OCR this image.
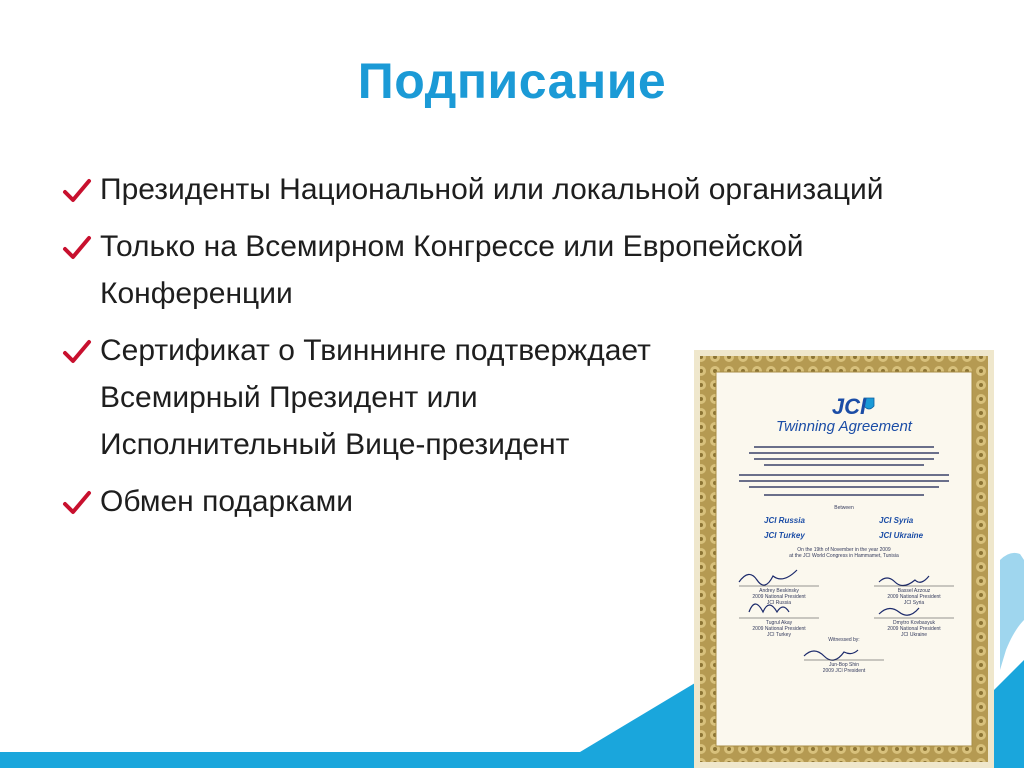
Подписание
Президенты Национальной или локальной организаций
Только на Всемирном Конгрессе или Европейской Конференции
Сертификат о Твиннинге подтверждает Всемирный Президент или Исполнительный Вице-президент
Обмен подарками
JCI
Twinning Agreement
Between
JCI Russia	JCI Syria
JCI Turkey	JCI Ukraine
On the 19th of November in the year 2009
at the JCI World Congress in Hammamet, Tunisia
Andrey Beskinsky
2009 National President
JCI Russia
Bassel Azzouz
2009 National President
JCI Syria
Tugrul Akay
2009 National President
JCI Turkey
Dmytro Kovbasyuk
2009 National President
JCI Ukraine
Witnessed by:
Jun-Bop Shin
2009 JCI President
